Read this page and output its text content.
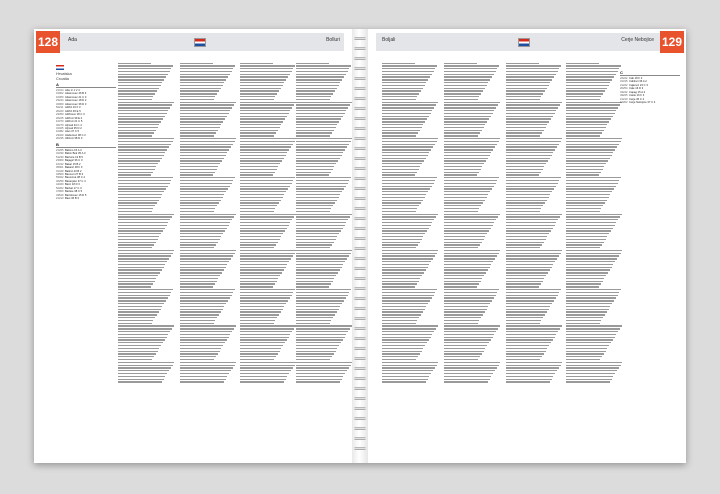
128	Ada	Bolluri
Hrvatska
Croatia
A
21314 Ada 1/ 1 V 4
31002 Adamovec 46 B 3
10360 Adamovec 21 C 3
23244 Adamovec 18 D 2
34000 Adamovec 36 D 3
52211 Adžići 16 F 3
20223 Adžići 45 E 5
23450 Adžićevo 18 C 3
20225 Adžinci 39 E 4
10370 Adžinci 21 C 5
32270 Aljmaš 34 C 4
31325 Aljmaš 35 D 2
10382 Alan 37 C 5
23420 Alaburovo 38 C 2
20236 Alfirinci 38 D 3
B
21265 Babino 15 A 3
31330 Babin Bok 35 A 3
51230 Bačvice 13 B 5
23000 Bajagić 36 C 3
10312 Bakar 15 B 2
35001 Bakarić 38 F 3
31440 Balinci 43 B 2
34500 Banovci 27 B 3
53022 Banovina 38 C 4
32250 Baranjsko 37 C 4
44320 Baric 18 D 3
52202 Barbat 17 C 3
47000 Barlete 38 C 5
43540 Bartolovec 15 D 5
21213 Bast 36 B 3
129
Boljali	Cerje Nebojice
C
22222 Cab 18 F 3
31315 Cablinci 36 A 2
21222 Cajkovci 23 C 3
20254 Cale 16 D 3
43242 Capag 15 A 2
49225 Cavle 16 F 3
21210 Cerje 36 C 4
10202 Cerje Nebojice 37 C 3
